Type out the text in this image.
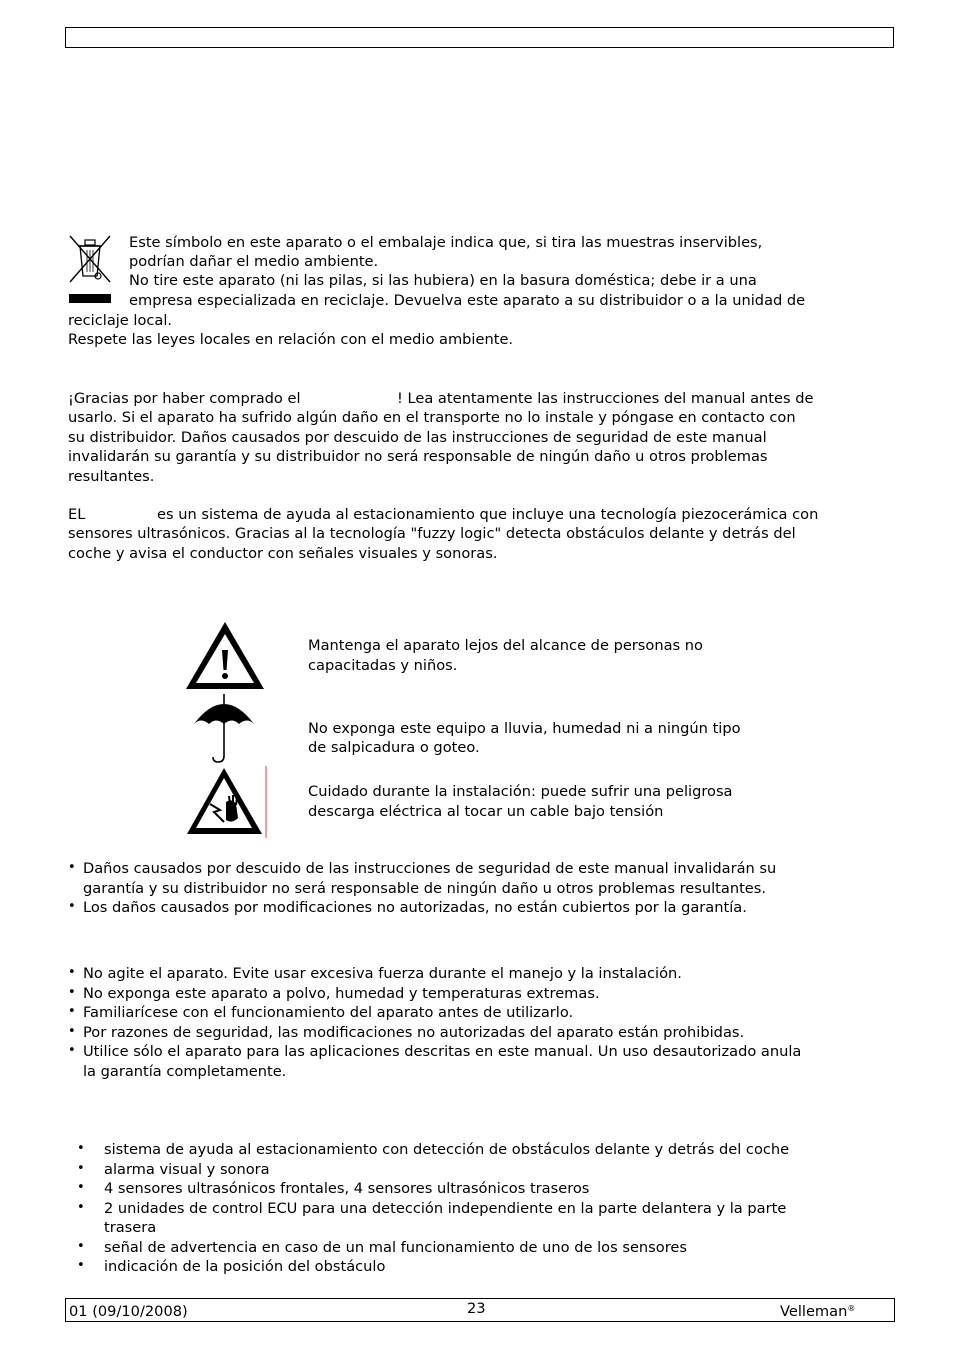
Este símbolo en este aparato o el embalaje indica que, si tira las muestras inservibles,
podrían dañar el medio ambiente.
No tire este aparato (ni las pilas, si las hubiera) en la basura doméstica; debe ir a una
empresa especializada en reciclaje. Devuelva este aparato a su distribuidor o a la unidad de
reciclaje local.
Respete las leyes locales en relación con el medio ambiente.
¡Gracias por haber comprado el	! Lea atentamente las instrucciones del manual antes de
usarlo. Si el aparato ha sufrido algún daño en el transporte no lo instale y póngase en contacto con
su distribuidor. Daños causados por descuido de las instrucciones de seguridad de este manual
invalidarán su garantía y su distribuidor no será responsable de ningún daño u otros problemas
resultantes.
EL	es un sistema de ayuda al estacionamiento que incluye una tecnología piezocerámica con
sensores ultrasónicos. Gracias al la tecnología "fuzzy logic" detecta obstáculos delante y detrás del
coche y avisa el conductor con señales visuales y sonoras.
Mantenga el aparato lejos del alcance de personas no
capacitadas y niños.
No exponga este equipo a lluvia, humedad ni a ningún tipo
de salpicadura o goteo.
Cuidado durante la instalación: puede sufrir una peligrosa
descarga eléctrica al tocar un cable bajo tensión
• Daños causados por descuido de las instrucciones de seguridad de este manual invalidarán su
garantía y su distribuidor no será responsable de ningún daño u otros problemas resultantes.
• Los daños causados por modificaciones no autorizadas, no están cubiertos por la garantía.
• No agite el aparato. Evite usar excesiva fuerza durante el manejo y la instalación.
• No exponga este aparato a polvo, humedad y temperaturas extremas.
• Familiarícese con el funcionamiento del aparato antes de utilizarlo.
• Por razones de seguridad, las modificaciones no autorizadas del aparato están prohibidas.
• Utilice sólo el aparato para las aplicaciones descritas en este manual. Un uso desautorizado anula
la garantía completamente.
• sistema de ayuda al estacionamiento con detección de obstáculos delante y detrás del coche
• alarma visual y sonora
• 4 sensores ultrasónicos frontales, 4 sensores ultrasónicos traseros
• 2 unidades de control ECU para una detección independiente en la parte delantera y la parte
trasera
• señal de advertencia en caso de un mal funcionamiento de uno de los sensores
• indicación de la posición del obstáculo
01 (09/10/2008)	23	Velleman®
